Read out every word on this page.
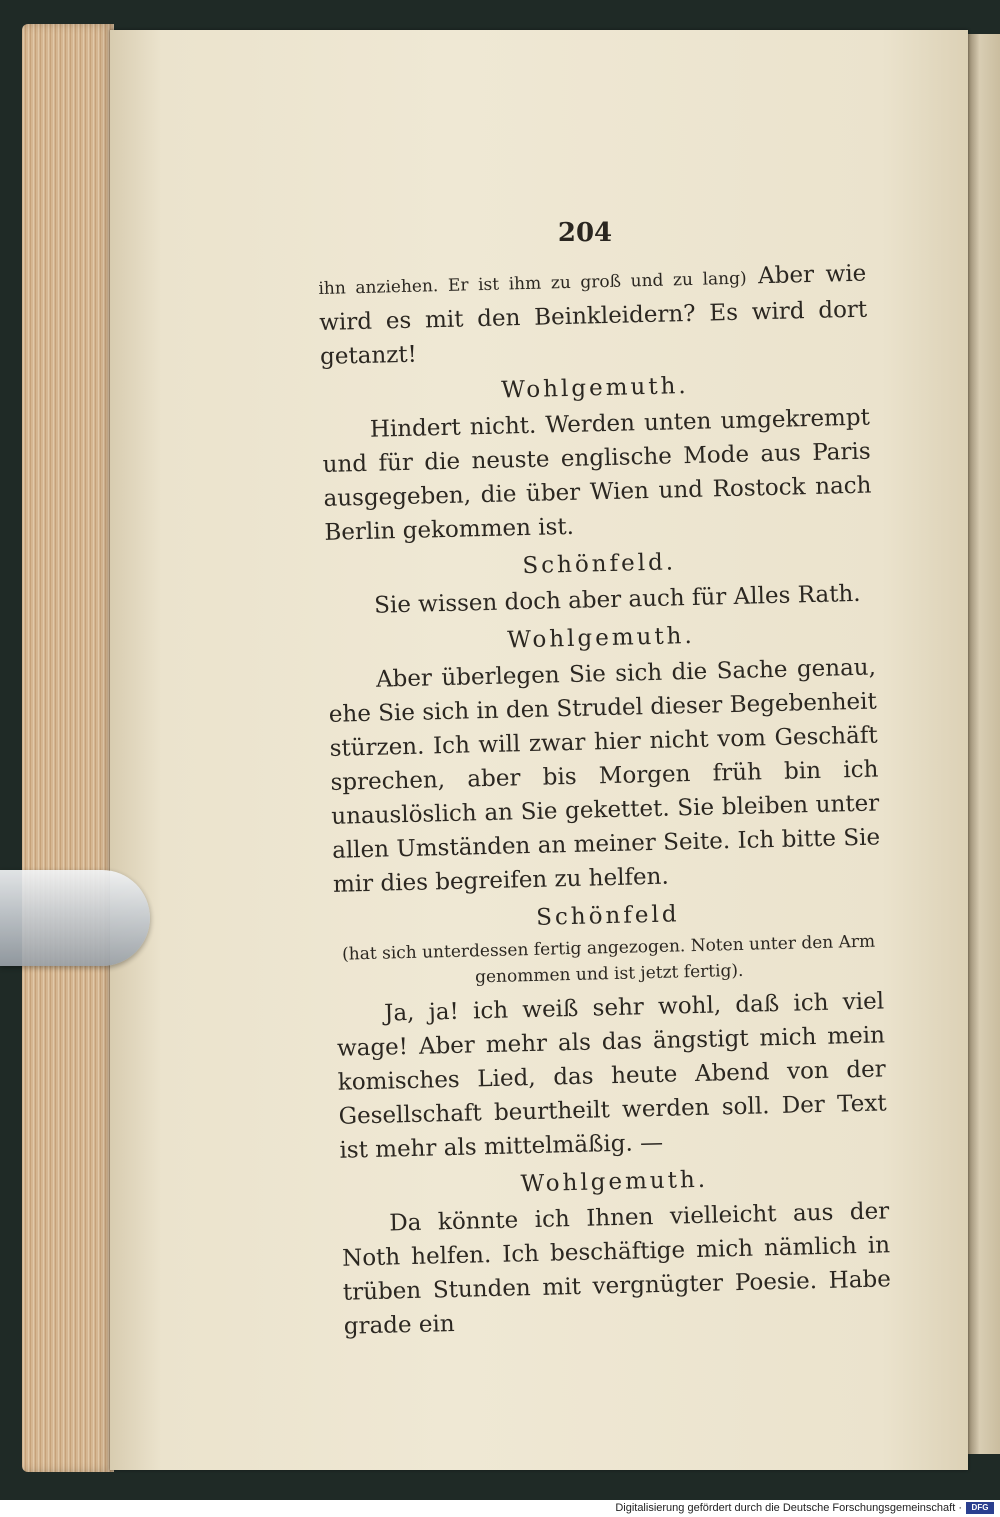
204

ihn anziehen. Er ist ihm zu groß und zu lang) Aber wie wird es mit den Beinkleidern? Es wird dort getanzt!

Wohlgemuth.

Hindert nicht. Werden unten umgekrempt und für die neuste englische Mode aus Paris ausgegeben, die über Wien und Rostock nach Berlin gekommen ist.

Schönfeld.

Sie wissen doch aber auch für Alles Rath.

Wohlgemuth.

Aber überlegen Sie sich die Sache genau, ehe Sie sich in den Strudel dieser Begebenheit stürzen. Ich will zwar hier nicht vom Geschäft sprechen, aber bis Morgen früh bin ich unauslöslich an Sie gekettet. Sie bleiben unter allen Umständen an meiner Seite. Ich bitte Sie mir dies begreifen zu helfen.

Schönfeld

(hat sich unterdessen fertig angezogen. Noten unter den Arm genommen und ist jetzt fertig).

Ja, ja! ich weiß sehr wohl, daß ich viel wage! Aber mehr als das ängstigt mich mein komisches Lied, das heute Abend von der Gesellschaft beurtheilt werden soll. Der Text ist mehr als mittelmäßig. —

Wohlgemuth.

Da könnte ich Ihnen vielleicht aus der Noth helfen. Ich beschäftige mich nämlich in trüben Stunden mit vergnügter Poesie. Habe grade ein

Digitalisierung gefördert durch die Deutsche Forschungsgemeinschaft ·	DFG
